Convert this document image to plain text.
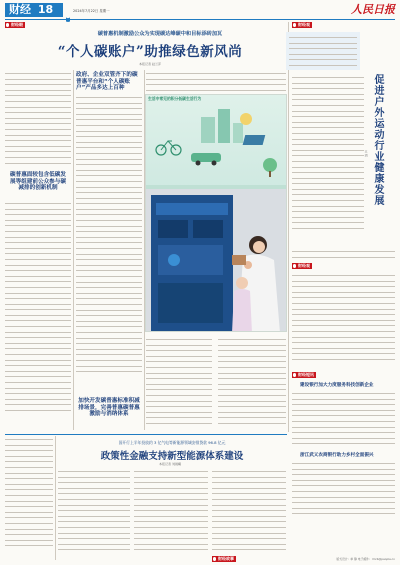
财经 18	2024年7月22日 星期一	人民日报
财经眼
碳普惠机制激励公众为实现碳达峰碳中和目标添砖加瓦
“个人碳账户”助推绿色新风尚
本报记者 赵兰萍

碳普惠面较包含低碳发展等组建前公众参与碳减排的创新机制

政府、企业双管齐下的碳普惠平台和“个人碳账户”产品多达上百种

加快开发碳普惠标准积减排场景，完善普惠碳普惠激励与消纳体系

生活中常见的积分低碳生活行为

财经观

促进户外运动行业健康发展
王 玥

财经观

财经短讯
建设银行加大力度服务科技创新企业

浙江武义农商银行助力乡村全面振兴

国开行上半年投放约 3 亿气电等新能源领域安排贷款 96.8 亿元
政策性金融支持新型能源体系建设
本报记者 刘晨曦

财经故事	版式设计：单 静 电子邮件：rmrb@people.cn
